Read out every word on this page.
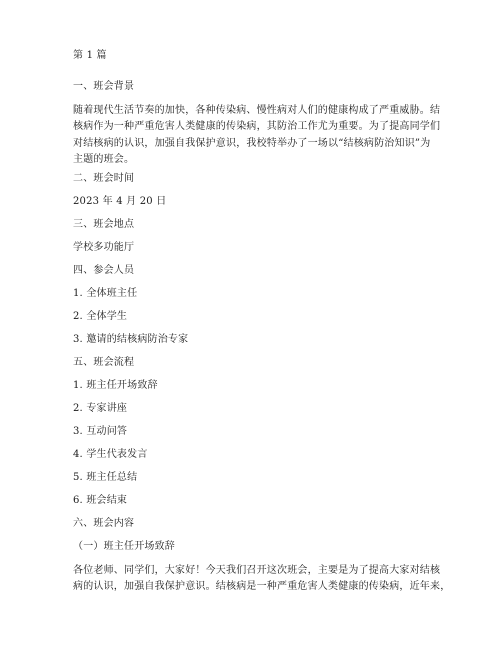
第 1 篇
一、班会背景
随着现代生活节奏的加快，各种传染病、慢性病对人们的健康构成了严重威胁。结
核病作为一种严重危害人类健康的传染病，其防治工作尤为重要。为了提高同学们
对结核病的认识，加强自我保护意识，我校特举办了一场以“结核病防治知识”为
主题的班会。
二、班会时间
2023 年 4 月 20 日
三、班会地点
学校多功能厅
四、参会人员
1. 全体班主任
2. 全体学生
3. 邀请的结核病防治专家
五、班会流程
1. 班主任开场致辞
2. 专家讲座
3. 互动问答
4. 学生代表发言
5. 班主任总结
6. 班会结束
六、班会内容
（一）班主任开场致辞
各位老师、同学们，大家好！今天我们召开这次班会，主要是为了提高大家对结核
病的认识，加强自我保护意识。结核病是一种严重危害人类健康的传染病，近年来，
